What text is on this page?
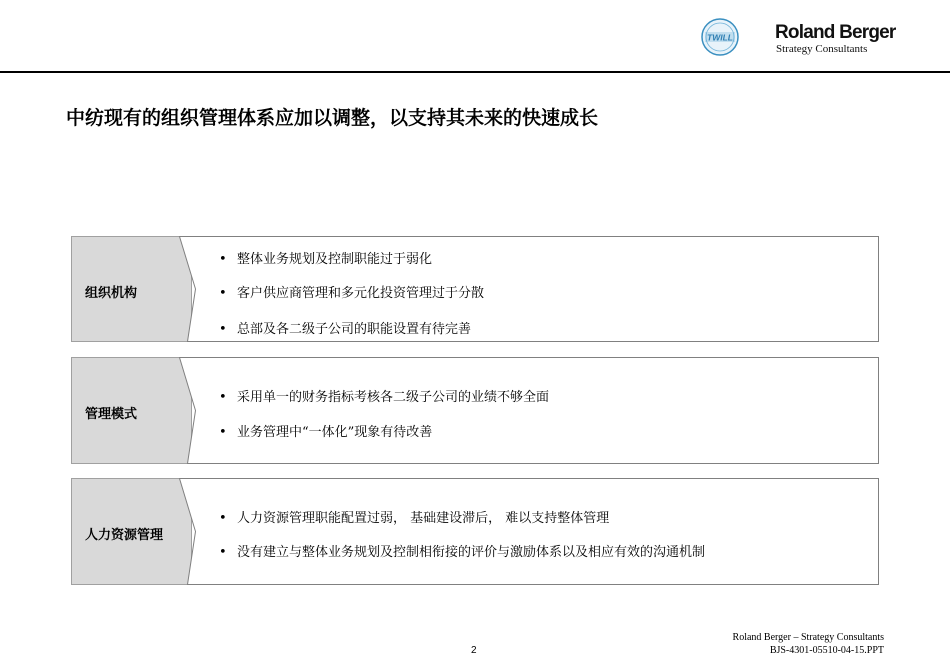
TWILL Roland Berger
Strategy Consultants
中纺现有的组织管理体系应加以调整，以支持其未来的快速成长
组织机构
• 整体业务规划及控制职能过于弱化
• 客户供应商管理和多元化投资管理过于分散
• 总部及各二级子公司的职能设置有待完善
管理模式
• 采用单一的财务指标考核各二级子公司的业绩不够全面
• 业务管理中“一体化”现象有待改善
人力资源管理
• 人力资源管理职能配置过弱， 基础建设滞后， 难以支持整体管理
• 没有建立与整体业务规划及控制相衔接的评价与激励体系以及相应有效的沟通机制
2
Roland Berger – Strategy Consultants
BJS-4301-05510-04-15.PPT
